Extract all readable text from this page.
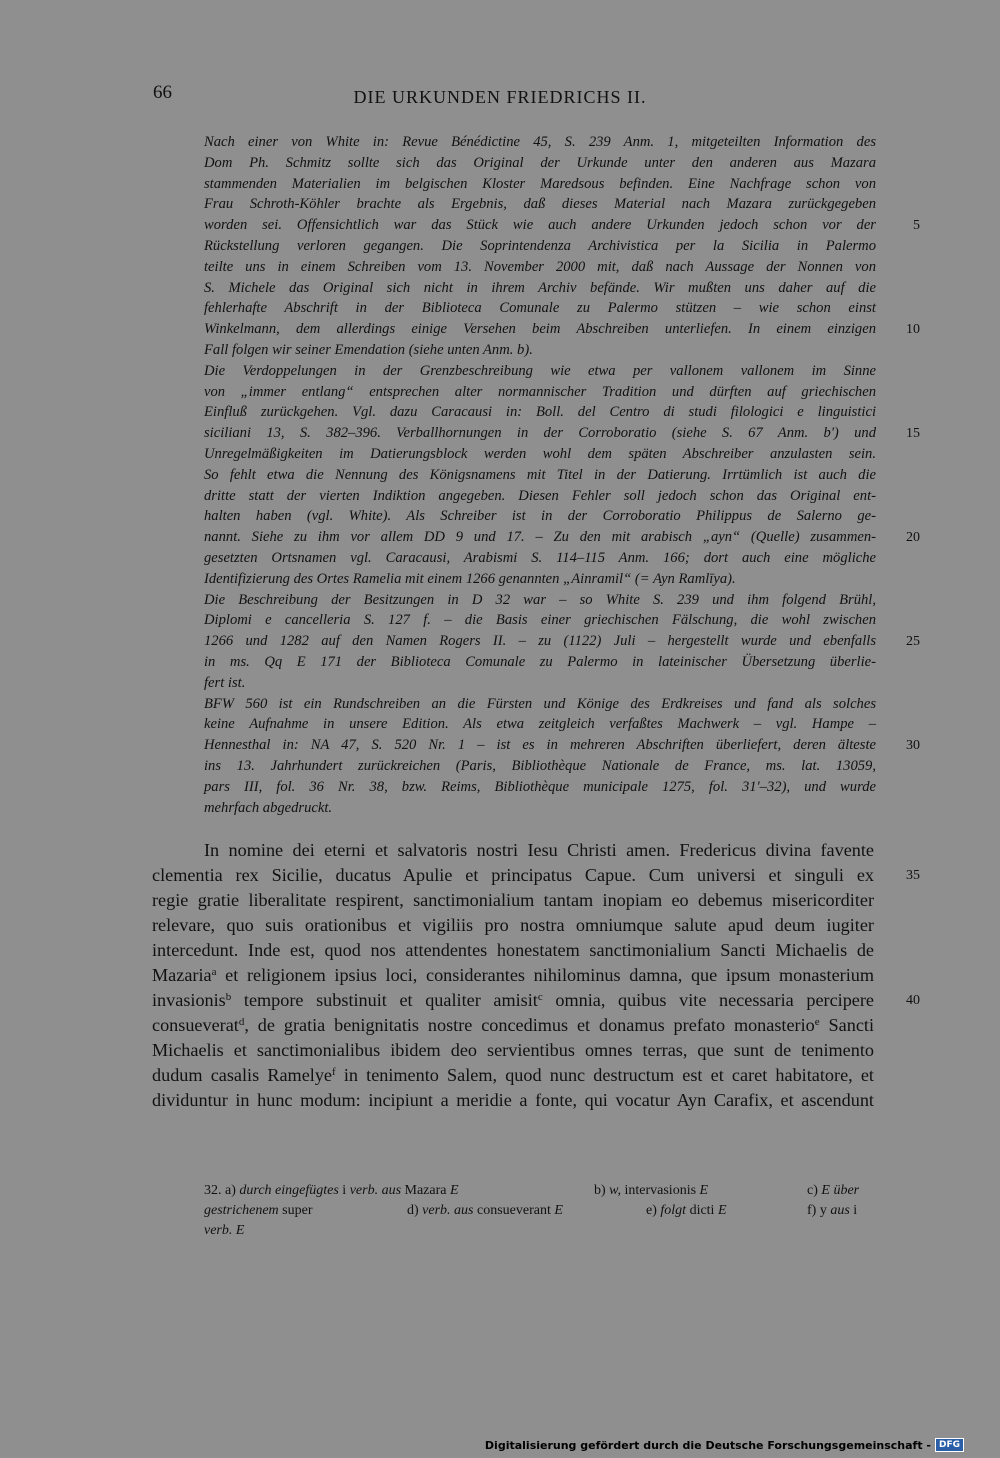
66	DIE URKUNDEN FRIEDRICHS II.
Nach einer von White in: Revue Bénédictine 45, S. 239 Anm. 1, mitgeteilten Information des
Dom Ph. Schmitz sollte sich das Original der Urkunde unter den anderen aus Mazara
stammenden Materialien im belgischen Kloster Maredsous befinden. Eine Nachfrage schon von
Frau Schroth-Köhler brachte als Ergebnis, daß dieses Material nach Mazara zurückgegeben
worden sei. Offensichtlich war das Stück wie auch andere Urkunden jedoch schon vor der
Rückstellung verloren gegangen. Die Soprintendenza Archivistica per la Sicilia in Palermo
teilte uns in einem Schreiben vom 13. November 2000 mit, daß nach Aussage der Nonnen von
S. Michele das Original sich nicht in ihrem Archiv befände. Wir mußten uns daher auf die
fehlerhafte Abschrift in der Biblioteca Comunale zu Palermo stützen – wie schon einst
Winkelmann, dem allerdings einige Versehen beim Abschreiben unterliefen. In einem einzigen
Fall folgen wir seiner Emendation (siehe unten Anm. b).
Die Verdoppelungen in der Grenzbeschreibung wie etwa per vallonem vallonem im Sinne
von „immer entlang“ entsprechen alter normannischer Tradition und dürften auf griechischen
Einfluß zurückgehen. Vgl. dazu Caracausi in: Boll. del Centro di studi filologici e linguistici
siciliani 13, S. 382–396. Verballhornungen in der Corroboratio (siehe S. 67 Anm. b') und
Unregelmäßigkeiten im Datierungsblock werden wohl dem späten Abschreiber anzulasten sein.
So fehlt etwa die Nennung des Königsnamens mit Titel in der Datierung. Irrtümlich ist auch die
dritte statt der vierten Indiktion angegeben. Diesen Fehler soll jedoch schon das Original ent-
halten haben (vgl. White). Als Schreiber ist in der Corroboratio Philippus de Salerno ge-
nannt. Siehe zu ihm vor allem DD 9 und 17. – Zu den mit arabisch „ayn“ (Quelle) zusammen-
gesetzten Ortsnamen vgl. Caracausi, Arabismi S. 114–115 Anm. 166; dort auch eine mögliche
Identifizierung des Ortes Ramelia mit einem 1266 genannten „Ainramil“ (= Ayn Ramlīya).
Die Beschreibung der Besitzungen in D 32 war – so White S. 239 und ihm folgend Brühl,
Diplomi e cancelleria S. 127 f. – die Basis einer griechischen Fälschung, die wohl zwischen
1266 und 1282 auf den Namen Rogers II. – zu (1122) Juli – hergestellt wurde und ebenfalls
in ms. Qq E 171 der Biblioteca Comunale zu Palermo in lateinischer Übersetzung überlie-
fert ist.
BFW 560 ist ein Rundschreiben an die Fürsten und Könige des Erdkreises und fand als solches
keine Aufnahme in unsere Edition. Als etwa zeitgleich verfaßtes Machwerk – vgl. Hampe –
Hennesthal in: NA 47, S. 520 Nr. 1 – ist es in mehreren Abschriften überliefert, deren älteste
ins 13. Jahrhundert zurückreichen (Paris, Bibliothèque Nationale de France, ms. lat. 13059,
pars III, fol. 36 Nr. 38, bzw. Reims, Bibliothèque municipale 1275, fol. 31'–32), und wurde
mehrfach abgedruckt.
In nomine dei eterni et salvatoris nostri Iesu Christi amen. Fredericus divina favente
clementia rex Sicilie, ducatus Apulie et principatus Capue. Cum universi et singuli ex
regie gratie liberalitate respirent, sanctimonialium tantam inopiam eo debemus misericorditer
relevare, quo suis orationibus et vigiliis pro nostra omniumque salute apud deum iugiter
intercedunt. Inde est, quod nos attendentes honestatem sanctimonialium Sancti Michaelis de
Mazaria$^a$ et religionem ipsius loci, considerantes nihilominus damna, que ipsum monasterium
invasionis$^b$ tempore substinuit et qualiter amisit$^c$ omnia, quibus vite necessaria percipere
consueverat$^d$, de gratia benignitatis nostre concedimus et donamus prefato monasterio$^e$ Sancti
Michaelis et sanctimonialibus ibidem deo servientibus omnes terras, que sunt de tenimento
dudum casalis Ramelye$^f$ in tenimento Salem, quod nunc destructum est et caret habitatore, et
dividuntur in hunc modum: incipiunt a meridie a fonte, qui vocatur Ayn Carafix, et ascendunt
5
10
15
20
25
30
35
40
32. a) durch eingefügtes i verb. aus Mazara E	b) w, intervasionis E	c) E über
gestrichenem super	d) verb. aus consueverant E	e) folgt dicti E	f) y aus i
verb. E
Digitalisierung gefördert durch die Deutsche Forschungsgemeinschaft - DFG
